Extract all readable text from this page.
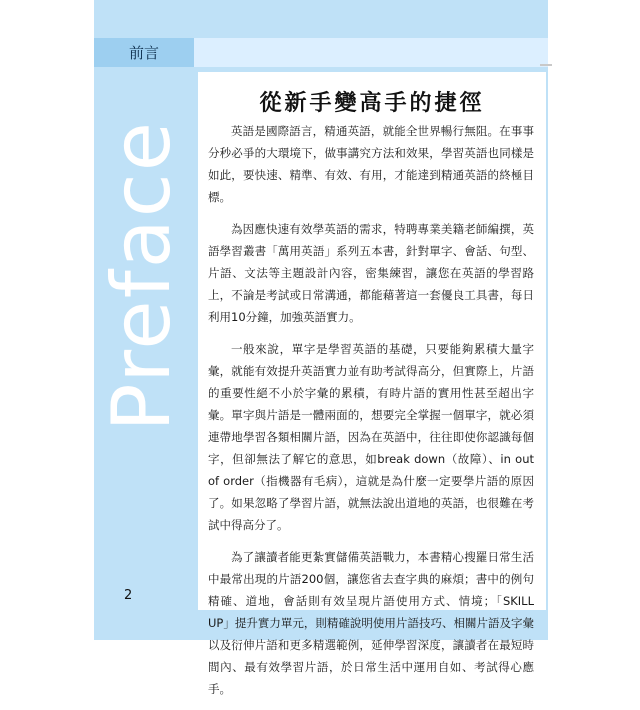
Preface
前言
從新手變高手的捷徑

英語是國際語言，精通英語，就能全世界暢行無阻。在事事分秒必爭的大環境下，做事講究方法和效果，學習英語也同樣是如此，要快速、精準、有效、有用，才能達到精通英語的終極目標。

為因應快速有效學英語的需求，特聘專業美籍老師編撰，英語學習叢書「萬用英語」系列五本書，針對單字、會話、句型、片語、文法等主題設計內容，密集練習，讓您在英語的學習路上，不論是考試或日常溝通，都能藉著這一套優良工具書，每日利用10分鐘，加強英語實力。

一般來說，單字是學習英語的基礎，只要能夠累積大量字彙，就能有效提升英語實力並有助考試得高分，但實際上，片語的重要性絕不小於字彙的累積，有時片語的實用性甚至超出字彙。單字與片語是一體兩面的，想要完全掌握一個單字，就必須連帶地學習各類相關片語，因為在英語中，往往即使你認識每個字，但卻無法了解它的意思，如break down（故障）、in out of order（指機器有毛病），這就是為什麼一定要學片語的原因了。如果忽略了學習片語，就無法說出道地的英語，也很難在考試中得高分了。

為了讓讀者能更紮實儲備英語戰力，本書精心搜羅日常生活中最常出現的片語200個，讓您省去查字典的麻煩；書中的例句精確、道地，會話則有效呈現片語使用方式、情境；「SKILL UP」提升實力單元，則精確說明使用片語技巧、相關片語及字彙以及衍伸片語和更多精選範例，延伸學習深度，讓讀者在最短時間內、最有效學習片語，於日常生活中運用自如、考試得心應手。

2
